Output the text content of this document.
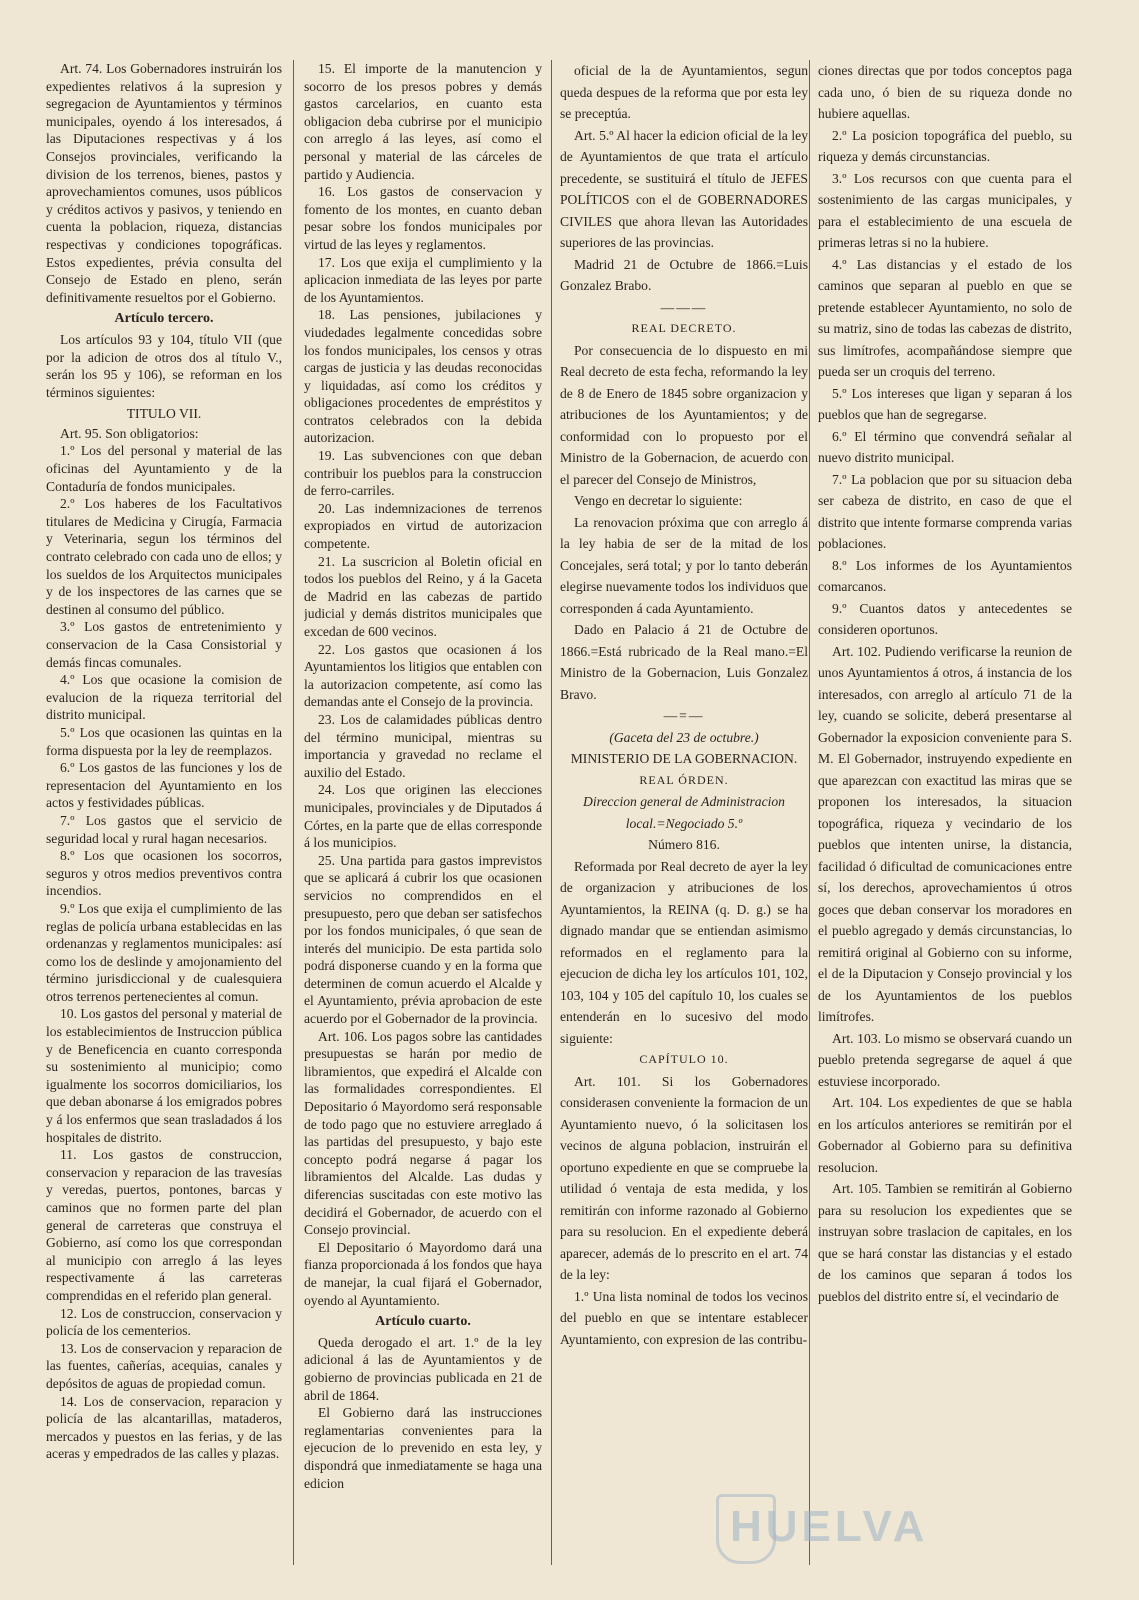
Art. 74. Los Gobernadores instruirán los expedientes relativos á la supresion y segregacion de Ayuntamientos y términos municipales, oyendo á los interesados, á las Diputaciones respectivas y á los Consejos provinciales, verificando la division de los terrenos, bienes, pastos y aprovechamientos comunes, usos públicos y créditos activos y pasivos, y teniendo en cuenta la poblacion, riqueza, distancias respectivas y condiciones topográficas. Estos expedientes, prévia consulta del Consejo de Estado en pleno, serán definitivamente resueltos por el Gobierno.

Artículo tercero.

Los artículos 93 y 104, título VII (que por la adicion de otros dos al título V., serán los 95 y 106), se reforman en los términos siguientes:

TITULO VII.

Art. 95. Son obligatorios:

1.º Los del personal y material de las oficinas del Ayuntamiento y de la Contaduría de fondos municipales.

2.º Los haberes de los Facultativos titulares de Medicina y Cirugía, Farmacia y Veterinaria, segun los términos del contrato celebrado con cada uno de ellos; y los sueldos de los Arquitectos municipales y de los inspectores de las carnes que se destinen al consumo del público.

3.º Los gastos de entretenimiento y conservacion de la Casa Consistorial y demás fincas comunales.

4.º Los que ocasione la comision de evalucion de la riqueza territorial del distrito municipal.

5.º Los que ocasionen las quintas en la forma dispuesta por la ley de reemplazos.

6.º Los gastos de las funciones y los de representacion del Ayuntamiento en los actos y festividades públicas.

7.º Los gastos que el servicio de seguridad local y rural hagan necesarios.

8.º Los que ocasionen los socorros, seguros y otros medios preventivos contra incendios.

9.º Los que exija el cumplimiento de las reglas de policía urbana establecidas en las ordenanzas y reglamentos municipales: así como los de deslinde y amojonamiento del término jurisdiccional y de cualesquiera otros terrenos pertenecientes al comun.

10. Los gastos del personal y material de los establecimientos de Instruccion pública y de Beneficencia en cuanto corresponda su sostenimiento al municipio; como igualmente los socorros domiciliarios, los que deban abonarse á los emigrados pobres y á los enfermos que sean trasladados á los hospitales de distrito.

11. Los gastos de construccion, conservacion y reparacion de las travesías y veredas, puertos, pontones, barcas y caminos que no formen parte del plan general de carreteras que construya el Gobierno, así como los que correspondan al municipio con arreglo á las leyes respectivamente á las carreteras comprendidas en el referido plan general.

12. Los de construccion, conservacion y policía de los cementerios.

13. Los de conservacion y reparacion de las fuentes, cañerías, acequias, canales y depósitos de aguas de propiedad comun.

14. Los de conservacion, reparacion y policía de las alcantarillas, mataderos, mercados y puestos en las ferias, y de las aceras y empedrados de las calles y plazas.

15. El importe de la manutencion y socorro de los presos pobres y demás gastos carcelarios, en cuanto esta obligacion deba cubrirse por el municipio con arreglo á las leyes, así como el personal y material de las cárceles de partido y Audiencia.

16. Los gastos de conservacion y fomento de los montes, en cuanto deban pesar sobre los fondos municipales por virtud de las leyes y reglamentos.

17. Los que exija el cumplimiento y la aplicacion inmediata de las leyes por parte de los Ayuntamientos.

18. Las pensiones, jubilaciones y viudedades legalmente concedidas sobre los fondos municipales, los censos y otras cargas de justicia y las deudas reconocidas y liquidadas, así como los créditos y obligaciones procedentes de empréstitos y contratos celebrados con la debida autorizacion.

19. Las subvenciones con que deban contribuir los pueblos para la construccion de ferro-carriles.

20. Las indemnizaciones de terrenos expropiados en virtud de autorizacion competente.

21. La suscricion al Boletin oficial en todos los pueblos del Reino, y á la Gaceta de Madrid en las cabezas de partido judicial y demás distritos municipales que excedan de 600 vecinos.

22. Los gastos que ocasionen á los Ayuntamientos los litigios que entablen con la autorizacion competente, así como las demandas ante el Consejo de la provincia.

23. Los de calamidades públicas dentro del término municipal, mientras su importancia y gravedad no reclame el auxilio del Estado.

24. Los que originen las elecciones municipales, provinciales y de Diputados á Córtes, en la parte que de ellas corresponde á los municipios.

25. Una partida para gastos imprevistos que se aplicará á cubrir los que ocasionen servicios no comprendidos en el presupuesto, pero que deban ser satisfechos por los fondos municipales, ó que sean de interés del municipio. De esta partida solo podrá disponerse cuando y en la forma que determinen de comun acuerdo el Alcalde y el Ayuntamiento, prévia aprobacion de este acuerdo por el Gobernador de la provincia.

Art. 106. Los pagos sobre las cantidades presupuestas se harán por medio de libramientos, que expedirá el Alcalde con las formalidades correspondientes. El Depositario ó Mayordomo será responsable de todo pago que no estuviere arreglado á las partidas del presupuesto, y bajo este concepto podrá negarse á pagar los libramientos del Alcalde. Las dudas y diferencias suscitadas con este motivo las decidirá el Gobernador, de acuerdo con el Consejo provincial.

El Depositario ó Mayordomo dará una fianza proporcionada á los fondos que haya de manejar, la cual fijará el Gobernador, oyendo al Ayuntamiento.

Artículo cuarto.

Queda derogado el art. 1.º de la ley adicional á las de Ayuntamientos y de gobierno de provincias publicada en 21 de abril de 1864.

El Gobierno dará las instrucciones reglamentarias convenientes para la ejecucion de lo prevenido en esta ley, y dispondrá que inmediatamente se haga una edicion

oficial de la de Ayuntamientos, segun queda despues de la reforma que por esta ley se preceptúa.

Art. 5.º Al hacer la edicion oficial de la ley de Ayuntamientos de que trata el artículo precedente, se sustituirá el título de JEFES POLÍTICOS con el de GOBERNADORES CIVILES que ahora llevan las Autoridades superiores de las provincias.

Madrid 21 de Octubre de 1866.=Luis Gonzalez Brabo.

———

REAL DECRETO.

Por consecuencia de lo dispuesto en mi Real decreto de esta fecha, reformando la ley de 8 de Enero de 1845 sobre organizacion y atribuciones de los Ayuntamientos; y de conformidad con lo propuesto por el Ministro de la Gobernacion, de acuerdo con el parecer del Consejo de Ministros,

Vengo en decretar lo siguiente:

La renovacion próxima que con arreglo á la ley habia de ser de la mitad de los Concejales, será total; y por lo tanto deberán elegirse nuevamente todos los individuos que corresponden á cada Ayuntamiento.

Dado en Palacio á 21 de Octubre de 1866.=Está rubricado de la Real mano.=El Ministro de la Gobernacion, Luis Gonzalez Bravo.

—=—

(Gaceta del 23 de octubre.)

MINISTERIO DE LA GOBERNACION.

REAL ÓRDEN.

Direccion general de Administracion local.=Negociado 5.º

Número 816.

Reformada por Real decreto de ayer la ley de organizacion y atribuciones de los Ayuntamientos, la REINA (q. D. g.) se ha dignado mandar que se entiendan asimismo reformados en el reglamento para la ejecucion de dicha ley los artículos 101, 102, 103, 104 y 105 del capítulo 10, los cuales se entenderán en lo sucesivo del modo siguiente:

CAPÍTULO 10.

Art. 101. Si los Gobernadores considerasen conveniente la formacion de un Ayuntamiento nuevo, ó la solicitasen los vecinos de alguna poblacion, instruirán el oportuno expediente en que se compruebe la utilidad ó ventaja de esta medida, y los remitirán con informe razonado al Gobierno para su resolucion. En el expediente deberá aparecer, además de lo prescrito en el art. 74 de la ley:

1.º Una lista nominal de todos los vecinos del pueblo en que se intentare establecer Ayuntamiento, con expresion de las contribu-

ciones directas que por todos conceptos paga cada uno, ó bien de su riqueza donde no hubiere aquellas.

2.º La posicion topográfica del pueblo, su riqueza y demás circunstancias.

3.º Los recursos con que cuenta para el sostenimiento de las cargas municipales, y para el establecimiento de una escuela de primeras letras si no la hubiere.

4.º Las distancias y el estado de los caminos que separan al pueblo en que se pretende establecer Ayuntamiento, no solo de su matriz, sino de todas las cabezas de distrito, sus limítrofes, acompañándose siempre que pueda ser un croquis del terreno.

5.º Los intereses que ligan y separan á los pueblos que han de segregarse.

6.º El término que convendrá señalar al nuevo distrito municipal.

7.º La poblacion que por su situacion deba ser cabeza de distrito, en caso de que el distrito que intente formarse comprenda varias poblaciones.

8.º Los informes de los Ayuntamientos comarcanos.

9.º Cuantos datos y antecedentes se consideren oportunos.

Art. 102. Pudiendo verificarse la reunion de unos Ayuntamientos á otros, á instancia de los interesados, con arreglo al artículo 71 de la ley, cuando se solicite, deberá presentarse al Gobernador la exposicion conveniente para S. M. El Gobernador, instruyendo expediente en que aparezcan con exactitud las miras que se proponen los interesados, la situacion topográfica, riqueza y vecindario de los pueblos que intenten unirse, la distancia, facilidad ó dificultad de comunicaciones entre sí, los derechos, aprovechamientos ú otros goces que deban conservar los moradores en el pueblo agregado y demás circunstancias, lo remitirá original al Gobierno con su informe, el de la Diputacion y Consejo provincial y los de los Ayuntamientos de los pueblos limítrofes.

Art. 103. Lo mismo se observará cuando un pueblo pretenda segregarse de aquel á que estuviese incorporado.

Art. 104. Los expedientes de que se habla en los artículos anteriores se remitirán por el Gobernador al Gobierno para su definitiva resolucion.

Art. 105. Tambien se remitirán al Gobierno para su resolucion los expedientes que se instruyan sobre traslacion de capitales, en los que se hará constar las distancias y el estado de los caminos que separan á todos los pueblos del distrito entre sí, el vecindario de

HUELVA
